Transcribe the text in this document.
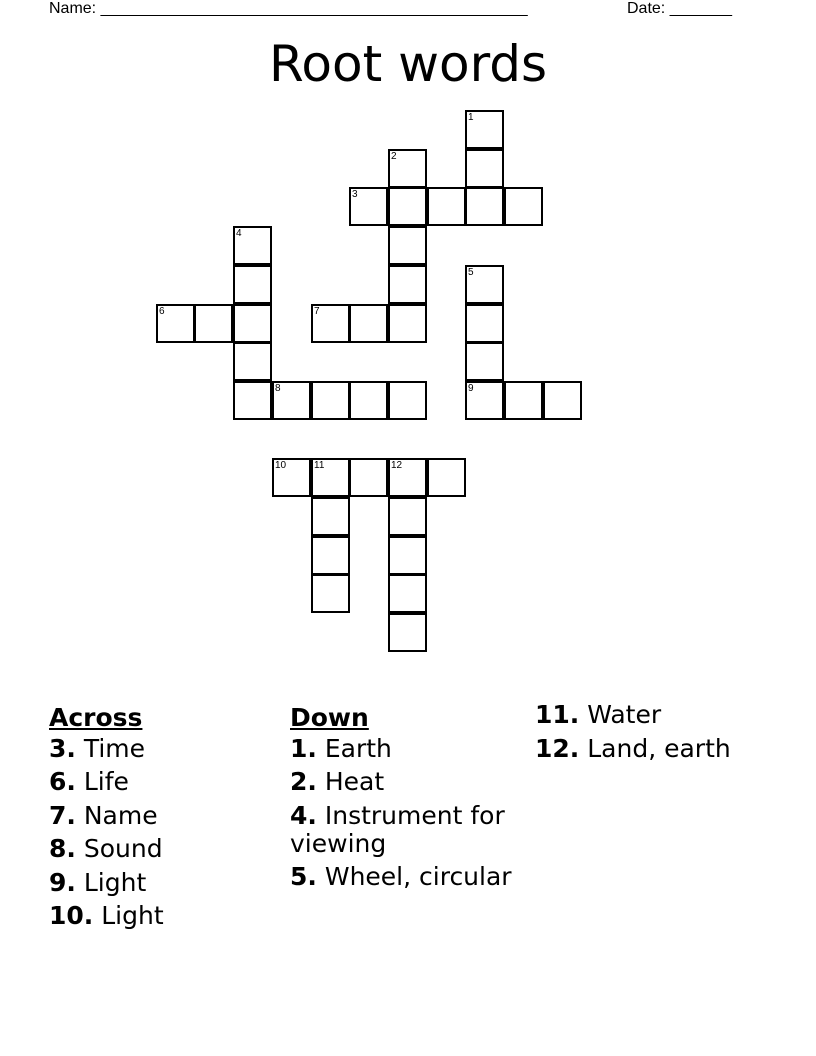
Name: ________________________________________________	Date: _______
Root words
1
2
3
4
5
9
6	7
8
10	11	12
Across
3. Time
6. Life
7. Name
8. Sound
9. Light
10. Light
Down
1. Earth
2. Heat
4. Instrument for viewing
5. Wheel, circular
11. Water
12. Land, earth
